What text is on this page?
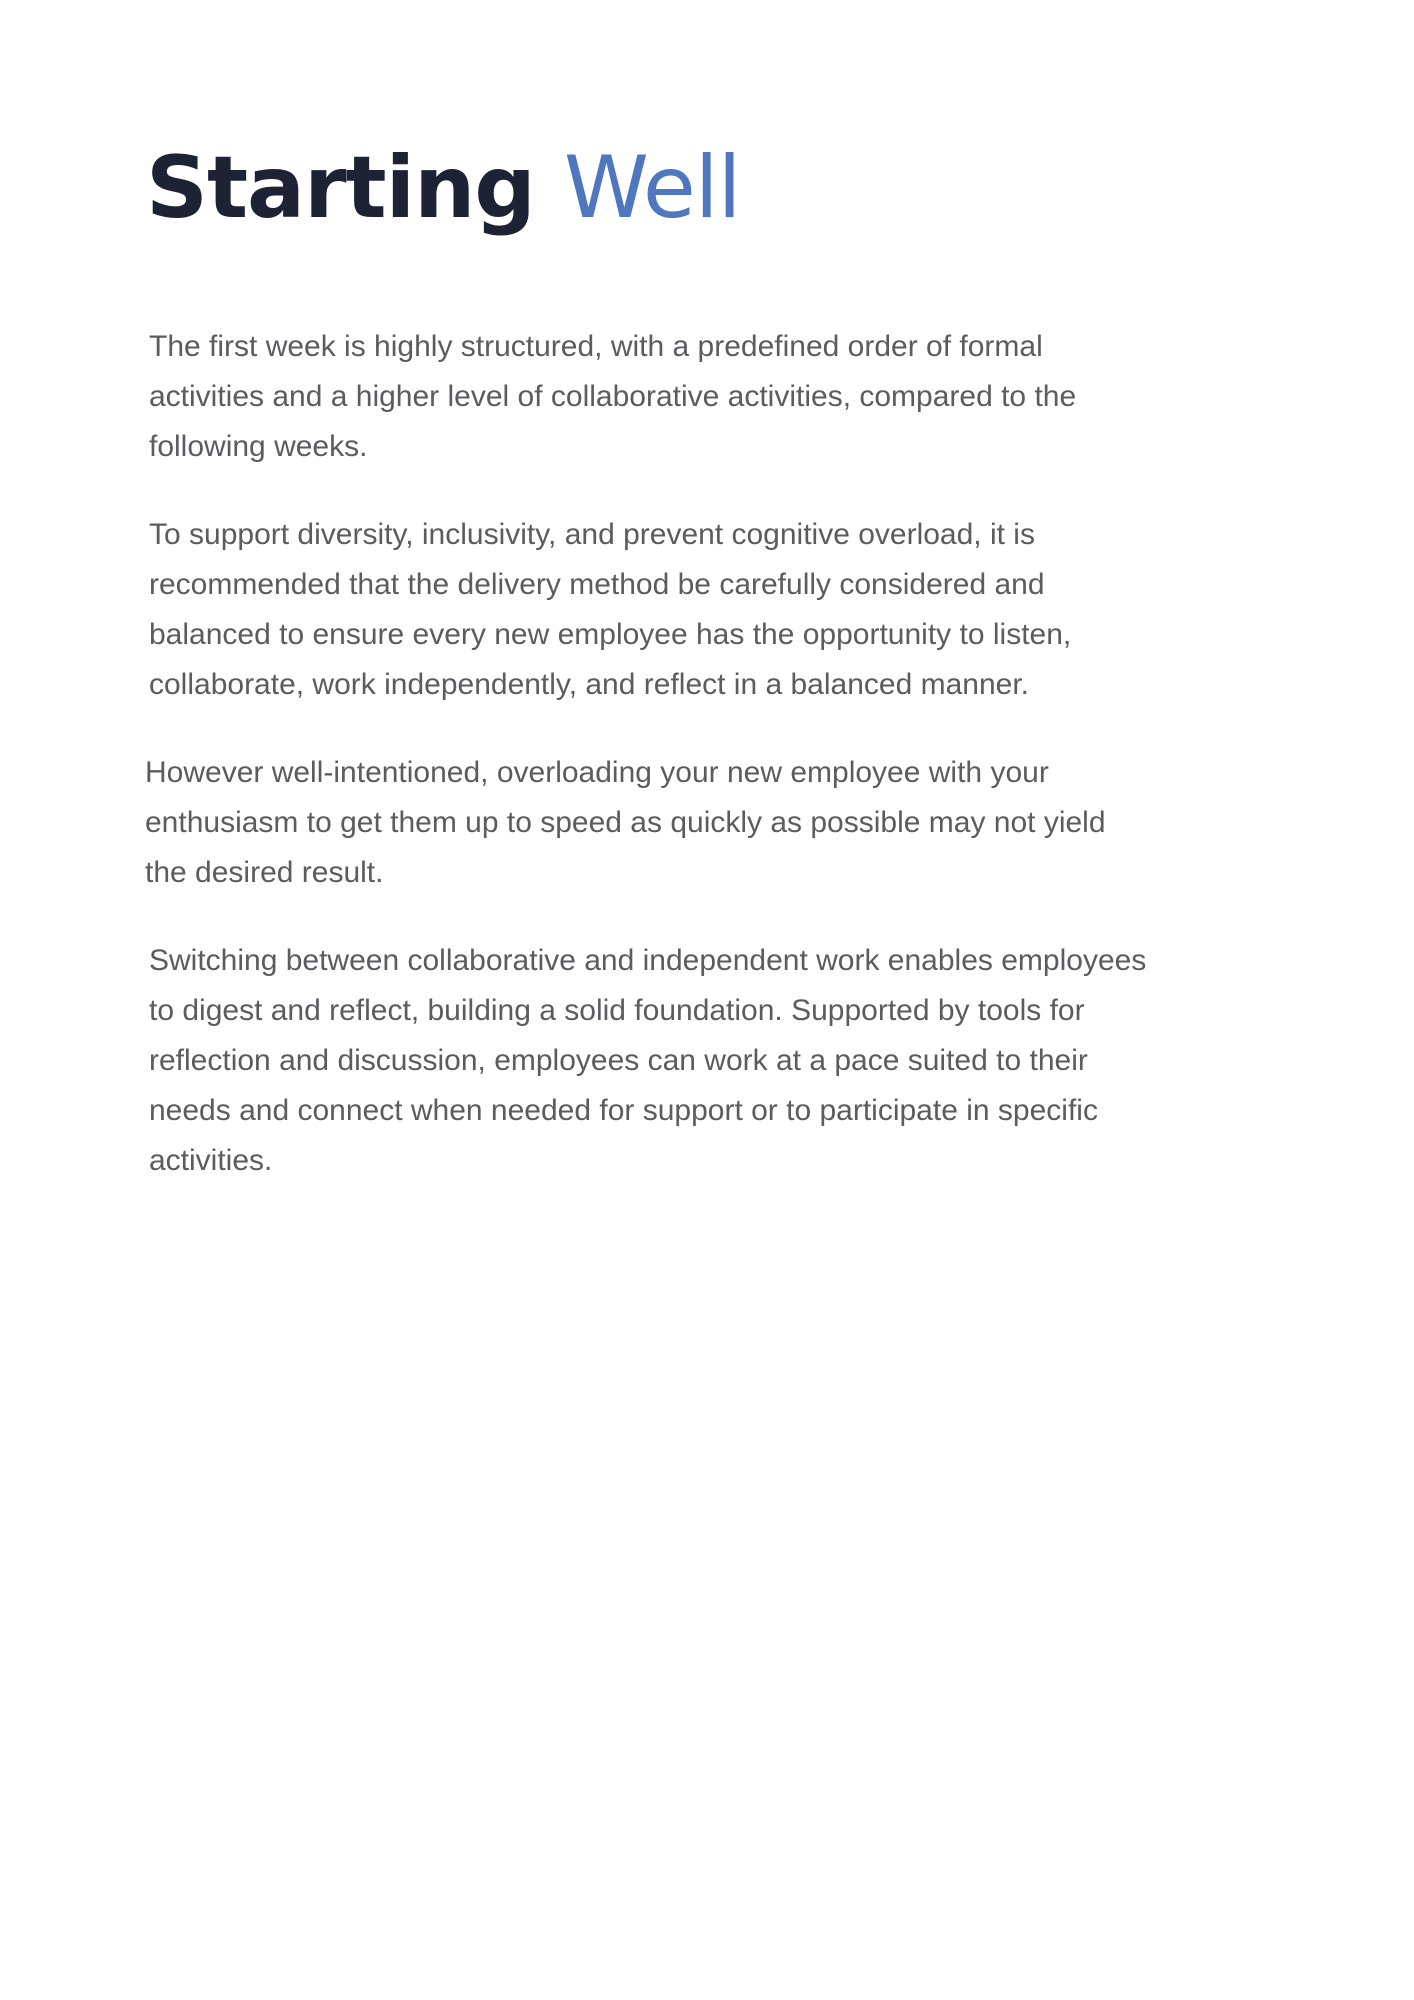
Starting Well

The first week is highly structured, with a predefined order of formal activities and a higher level of collaborative activities, compared to the following weeks.

To support diversity, inclusivity, and prevent cognitive overload, it is recommended that the delivery method be carefully considered and balanced to ensure every new employee has the opportunity to listen, collaborate, work independently, and reflect in a balanced manner.

However well-intentioned, overloading your new employee with your enthusiasm to get them up to speed as quickly as possible may not yield the desired result.

Switching between collaborative and independent work enables employees to digest and reflect, building a solid foundation. Supported by tools for reflection and discussion, employees can work at a pace suited to their needs and connect when needed for support or to participate in specific activities.
